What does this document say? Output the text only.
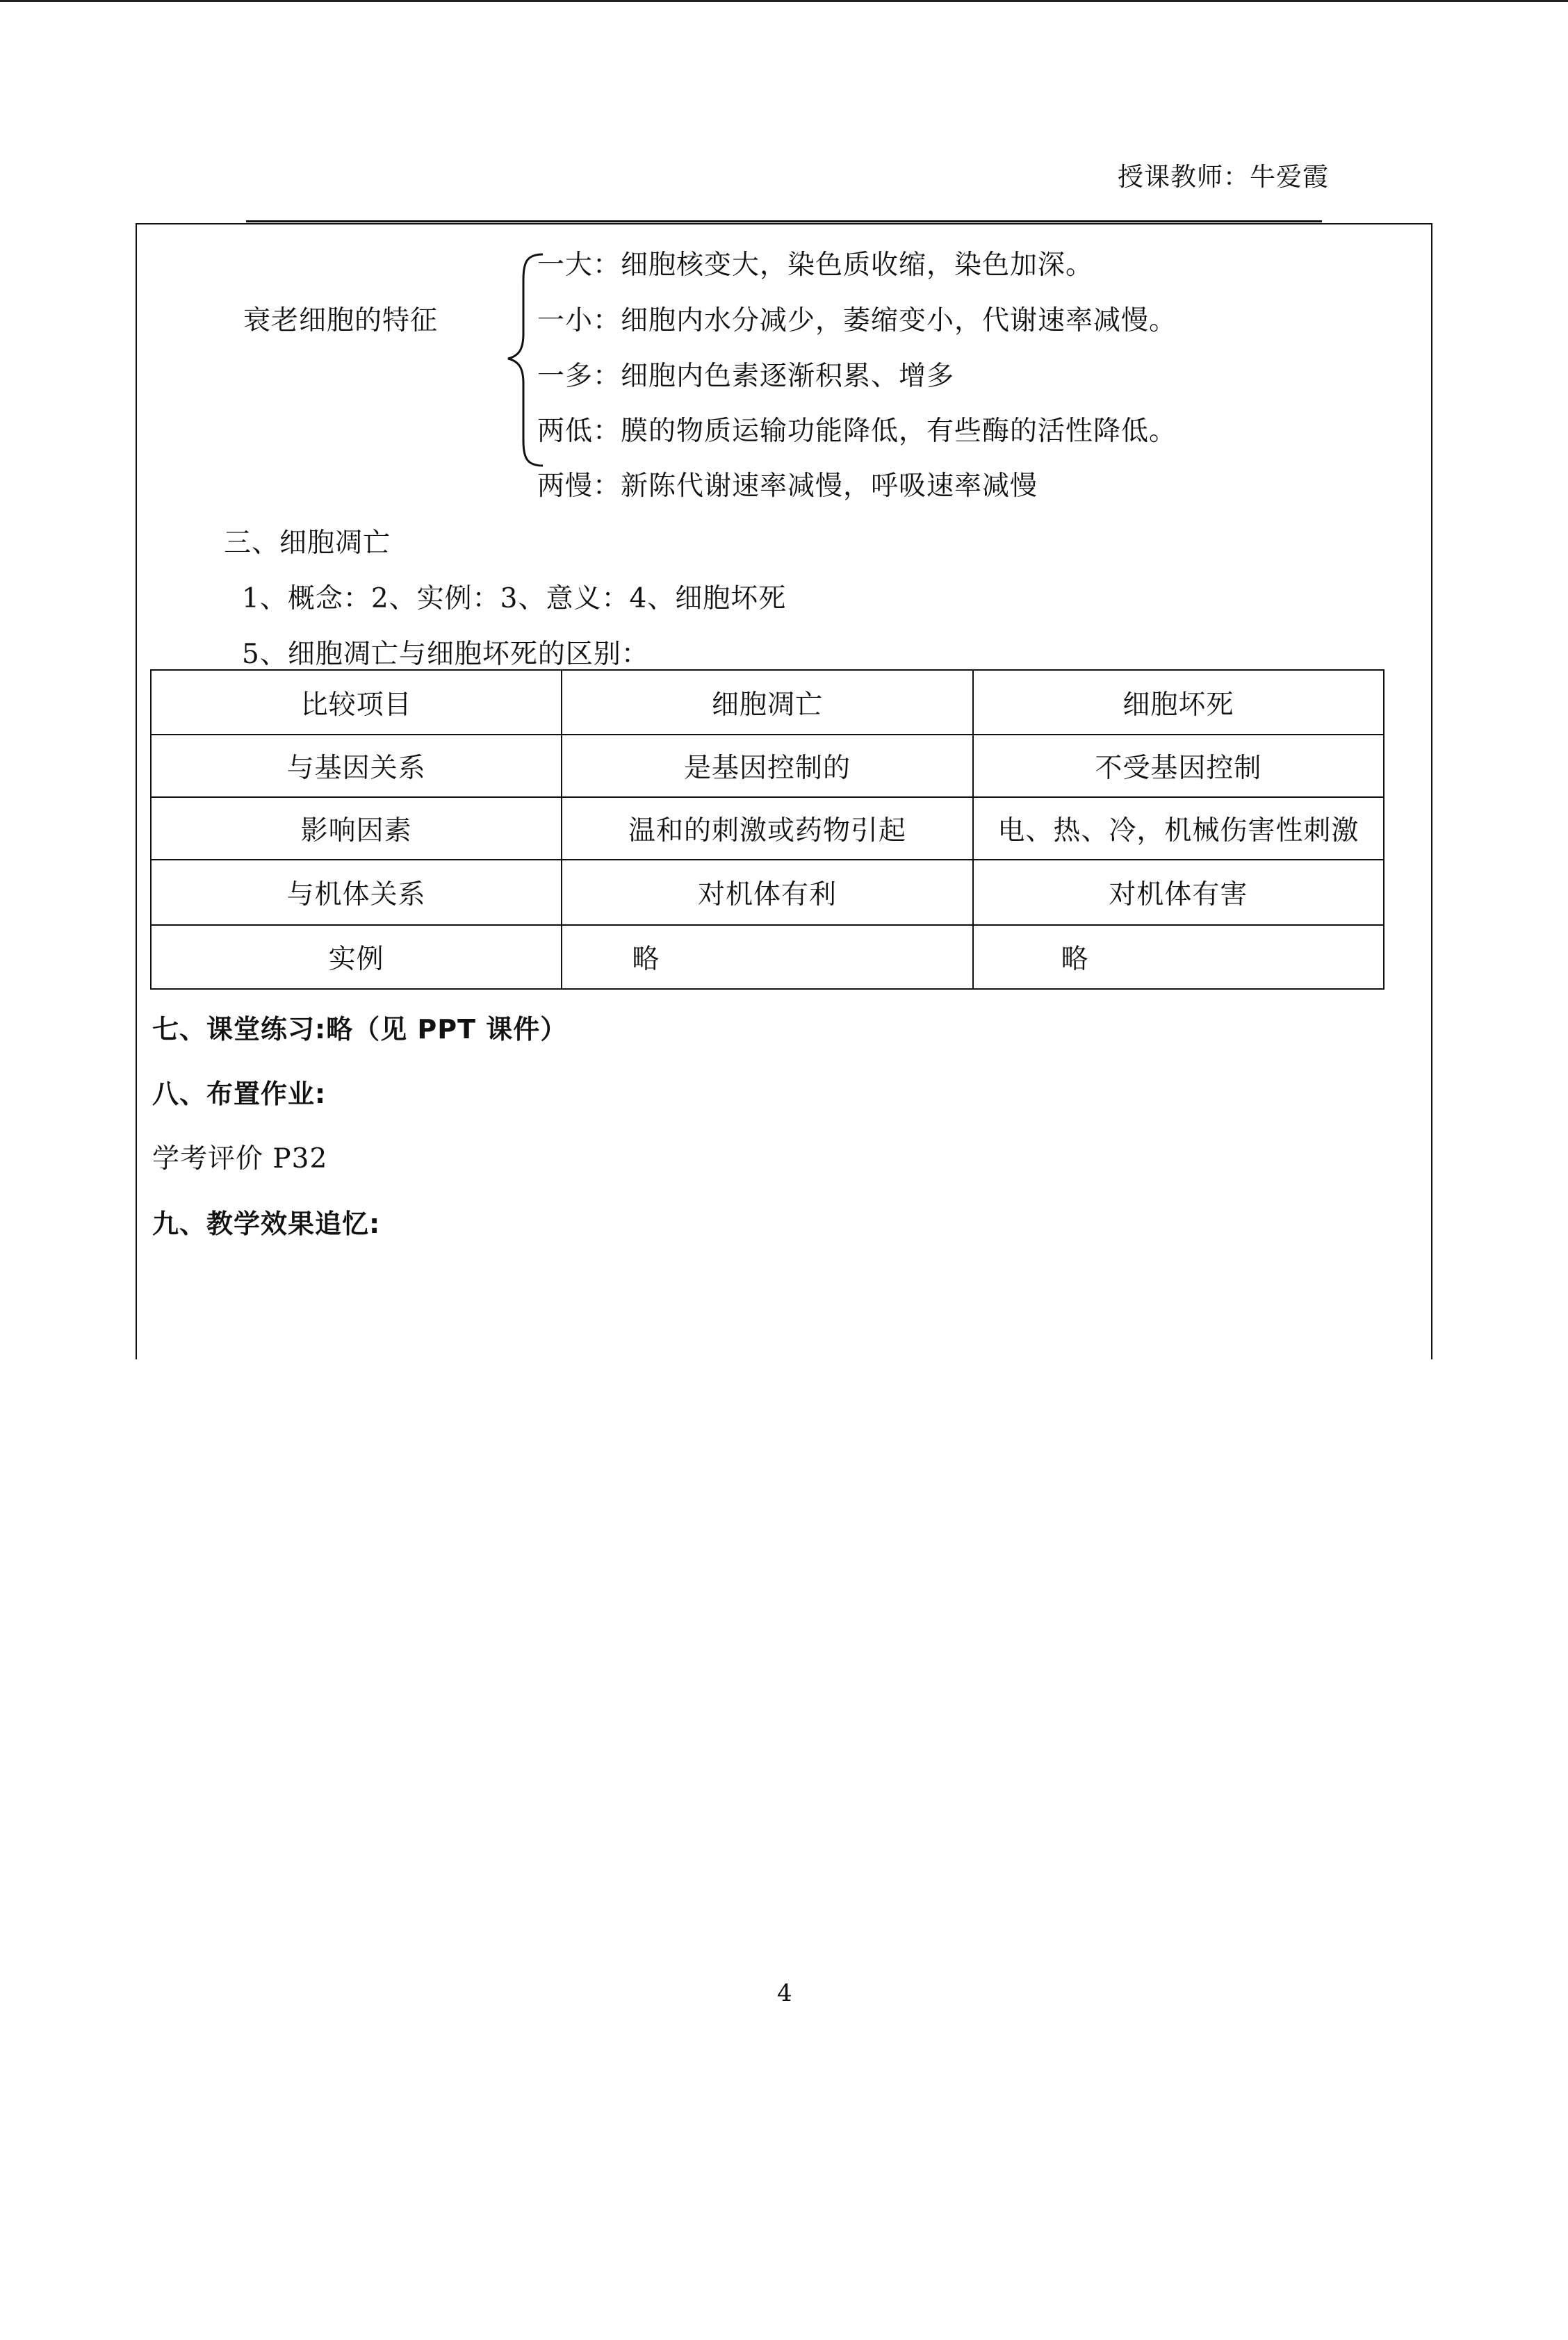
授课教师：牛爱霞
衰老细胞的特征
一大：细胞核变大，染色质收缩，染色加深。
一小：细胞内水分减少，萎缩变小，代谢速率减慢。
一多：细胞内色素逐渐积累、增多
两低：膜的物质运输功能降低，有些酶的活性降低。
两慢：新陈代谢速率减慢，呼吸速率减慢
三、细胞凋亡
1、概念：2、实例：3、意义：4、细胞坏死
5、细胞凋亡与细胞坏死的区别：
比较项目	细胞凋亡	细胞坏死
与基因关系	是基因控制的	不受基因控制
影响因素	温和的刺激或药物引起	电、热、冷，机械伤害性刺激
与机体关系	对机体有利	对机体有害
实例	略	略
七、课堂练习:略（见 PPT 课件）
八、布置作业:
学考评价 P32
九、教学效果追忆:
4
